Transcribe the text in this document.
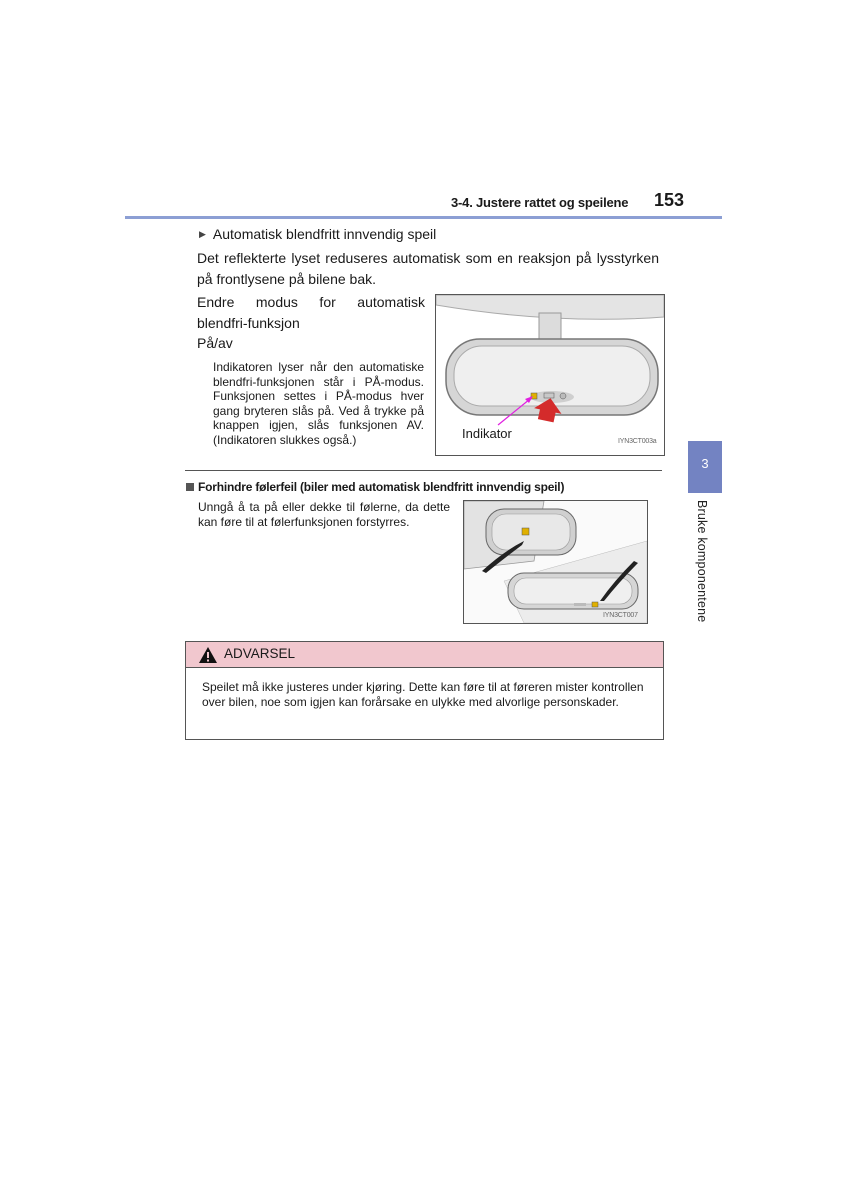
3-4. Justere rattet og speilene 153
3
Bruke komponentene
▶ Automatisk blendfritt innvendig speil
Det reflekterte lyset reduseres automatisk som en reaksjon på lysstyrken på frontlysene på bilene bak.
Endre modus for automatisk blendfri-funksjon
På/av
Indikatoren lyser når den automatiske blendfri-funksjonen står i PÅ-modus. Funksjonen settes i PÅ-modus hver gang bryteren slås på. Ved å trykke på knappen igjen, slås funksjonen AV. (Indikatoren slukkes også.)	Indikator
IYN3CT003a
Forhindre følerfeil (biler med automatisk blendfritt innvendig speil)
Unngå å ta på eller dekke til følerne, da dette kan føre til at følerfunksjonen forstyrres.
IYN3CT007
ADVARSEL
Speilet må ikke justeres under kjøring. Dette kan føre til at føreren mister kontrollen over bilen, noe som igjen kan forårsake en ulykke med alvorlige personskader.
